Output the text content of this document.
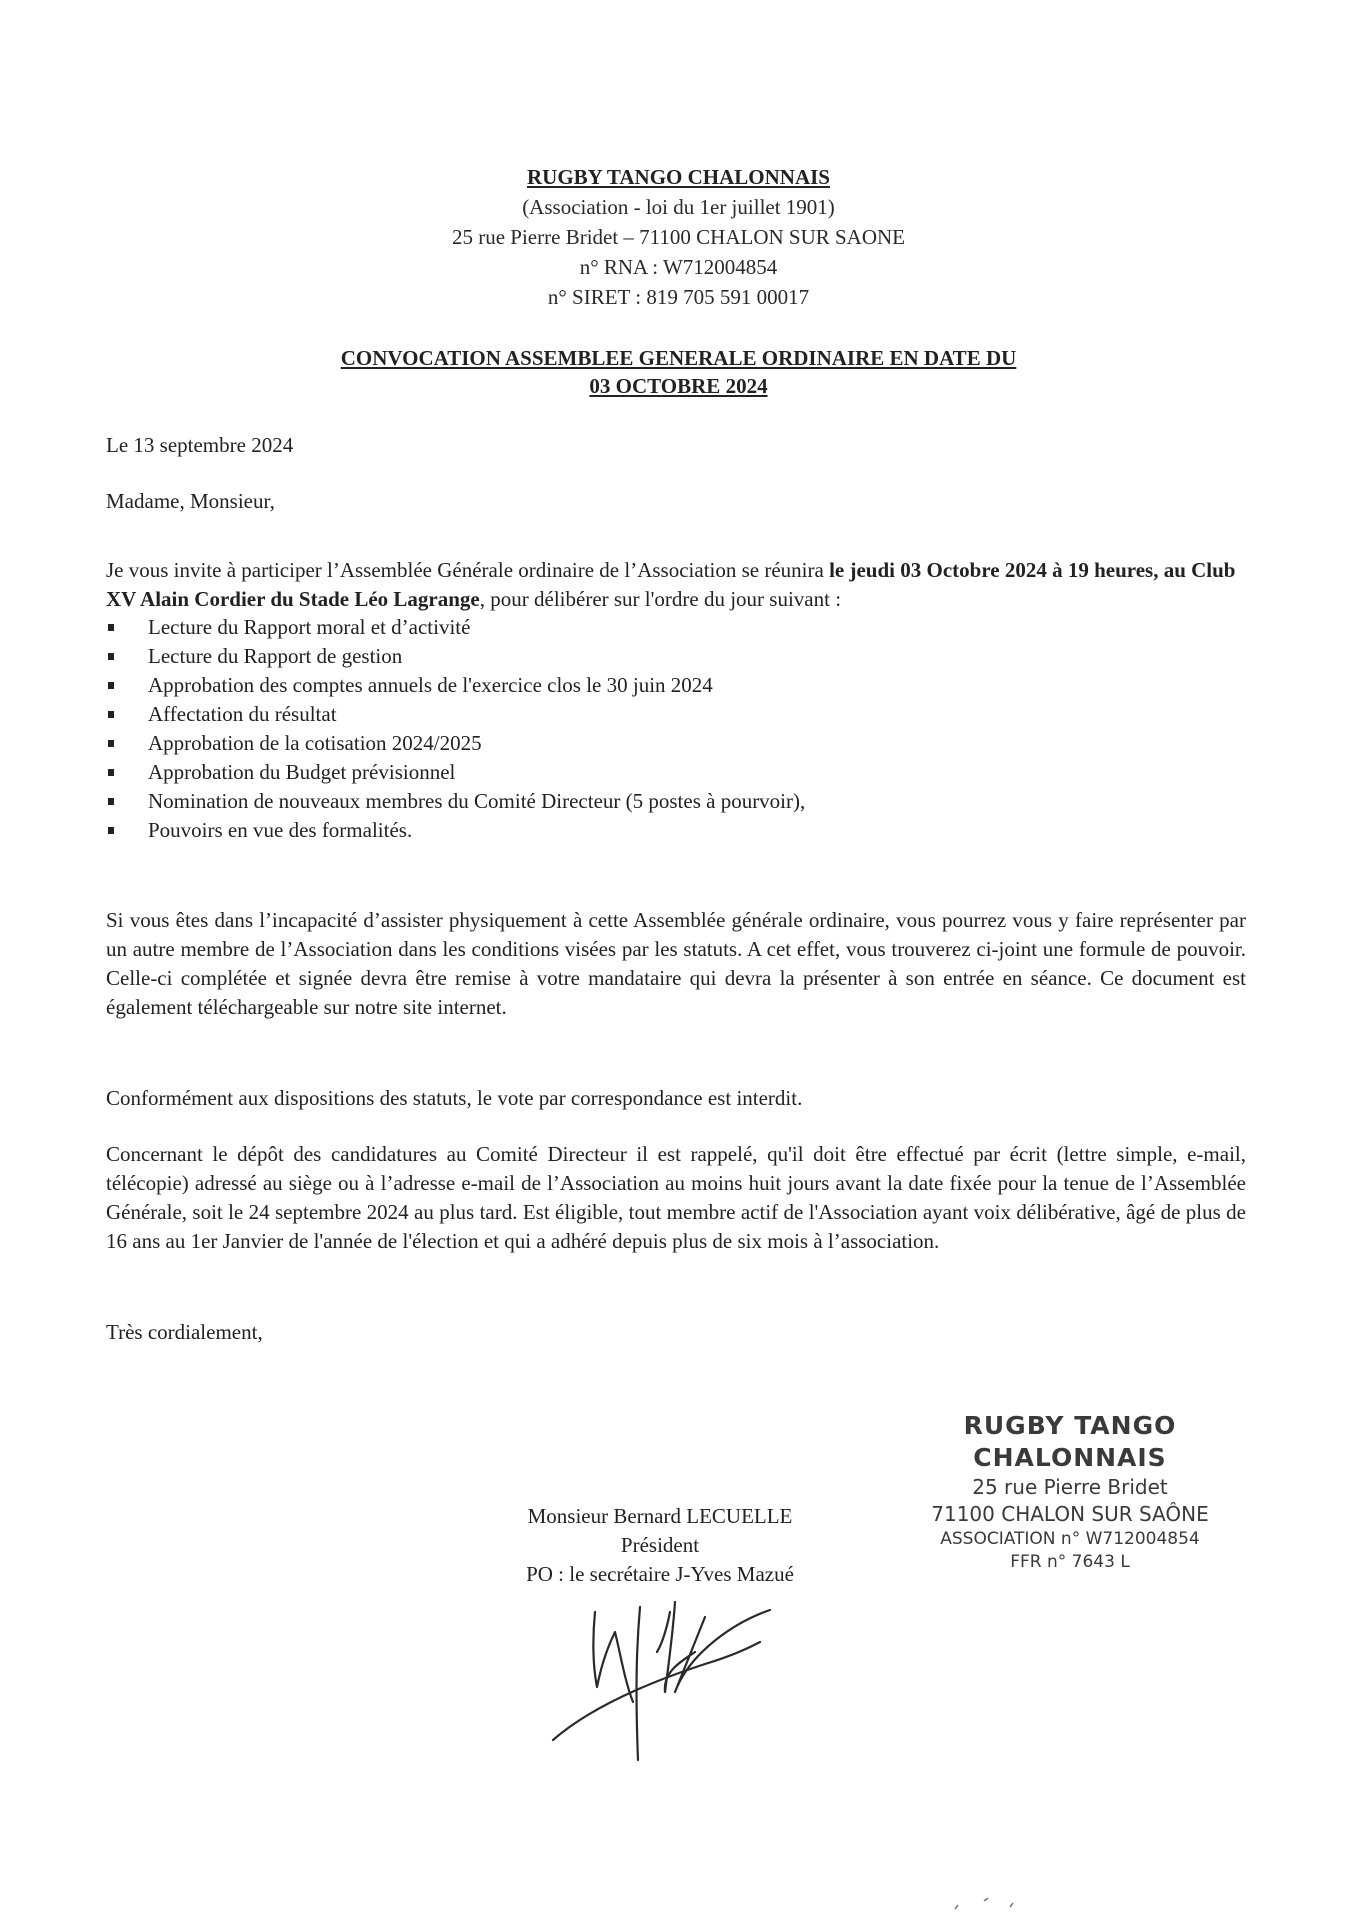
RUGBY TANGO CHALONNAIS
(Association - loi du 1er juillet 1901)
25 rue Pierre Bridet – 71100 CHALON SUR SAONE
n° RNA : W712004854
n° SIRET : 819 705 591 00017
CONVOCATION ASSEMBLEE GENERALE ORDINAIRE EN DATE DU
03 OCTOBRE 2024
Le 13 septembre 2024
Madame, Monsieur,
Je vous invite à participer l’Assemblée Générale ordinaire de l’Association se réunira le jeudi 03 Octobre 2024 à 19 heures, au Club XV Alain Cordier du Stade Léo Lagrange, pour délibérer sur l'ordre du jour suivant :
Lecture du Rapport moral et d’activité
Lecture du Rapport de gestion
Approbation des comptes annuels de l'exercice clos le 30 juin 2024
Affectation du résultat
Approbation de la cotisation 2024/2025
Approbation du Budget prévisionnel
Nomination de nouveaux membres du Comité Directeur (5 postes à pourvoir),
Pouvoirs en vue des formalités.
Si vous êtes dans l’incapacité d’assister physiquement à cette Assemblée générale ordinaire, vous pourrez vous y faire représenter par un autre membre de l’Association dans les conditions visées par les statuts. A cet effet, vous trouverez ci-joint une formule de pouvoir. Celle-ci complétée et signée devra être remise à votre mandataire qui devra la présenter à son entrée en séance. Ce document est également téléchargeable sur notre site internet.
Conformément aux dispositions des statuts, le vote par correspondance est interdit.
Concernant le dépôt des candidatures au Comité Directeur il est rappelé, qu'il doit être effectué par écrit (lettre simple, e-mail, télécopie) adressé au siège ou à l’adresse e-mail de l’Association au moins huit jours avant la date fixée pour la tenue de l’Assemblée Générale, soit le 24 septembre 2024 au plus tard. Est éligible, tout membre actif de l'Association ayant voix délibérative, âgé de plus de 16 ans au 1er Janvier de l'année de l'élection et qui a adhéré depuis plus de six mois à l’association.
Très cordialement,
RUGBY TANGO CHALONNAIS
25 rue Pierre Bridet
71100 CHALON SUR SAÔNE
ASSOCIATION n° W712004854
FFR n° 7643 L
Monsieur Bernard LECUELLE
Président
PO : le secrétaire J-Yves Mazué
